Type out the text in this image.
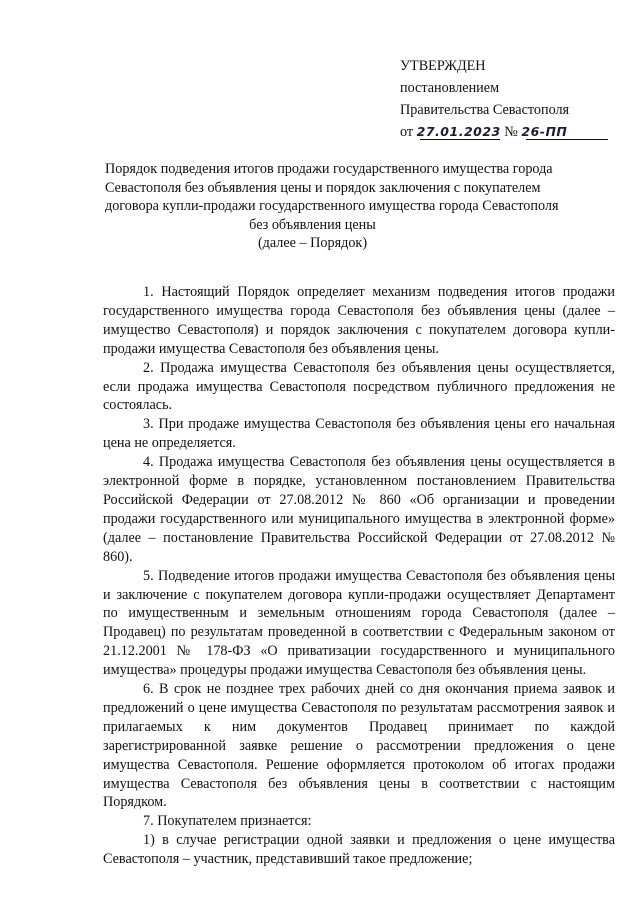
УТВЕРЖДЕН
постановлением
Правительства Севастополя
от 27.01.2023 № 26-ПП
Порядок подведения итогов продажи государственного имущества города
Севастополя без объявления цены и порядок заключения с покупателем
договора купли-продажи государственного имущества города Севастополя
без объявления цены
(далее – Порядок)

1. Настоящий Порядок определяет механизм подведения итогов продажи государственного имущества города Севастополя без объявления цены (далее – имущество Севастополя) и порядок заключения с покупателем договора купли-продажи имущества Севастополя без объявления цены.

2. Продажа имущества Севастополя без объявления цены осуществляется, если продажа имущества Севастополя посредством публичного предложения не состоялась.

3. При продаже имущества Севастополя без объявления цены его начальная цена не определяется.

4. Продажа имущества Севастополя без объявления цены осуществляется в электронной форме в порядке, установленном постановлением Правительства Российской Федерации от 27.08.2012 № 860 «Об организации и проведении продажи государственного или муниципального имущества в электронной форме» (далее – постановление Правительства Российской Федерации от 27.08.2012 № 860).

5. Подведение итогов продажи имущества Севастополя без объявления цены и заключение с покупателем договора купли-продажи осуществляет Департамент по имущественным и земельным отношениям города Севастополя (далее – Продавец) по результатам проведенной в соответствии с Федеральным законом от 21.12.2001 № 178-ФЗ «О приватизации государственного и муниципального имущества» процедуры продажи имущества Севастополя без объявления цены.

6. В срок не позднее трех рабочих дней со дня окончания приема заявок и предложений о цене имущества Севастополя по результатам рассмотрения заявок и прилагаемых к ним документов Продавец принимает по каждой зарегистрированной заявке решение о рассмотрении предложения о цене имущества Севастополя. Решение оформляется протоколом об итогах продажи имущества Севастополя без объявления цены в соответствии с настоящим Порядком.

7. Покупателем признается:

1) в случае регистрации одной заявки и предложения о цене имущества Севастополя – участник, представивший такое предложение;
